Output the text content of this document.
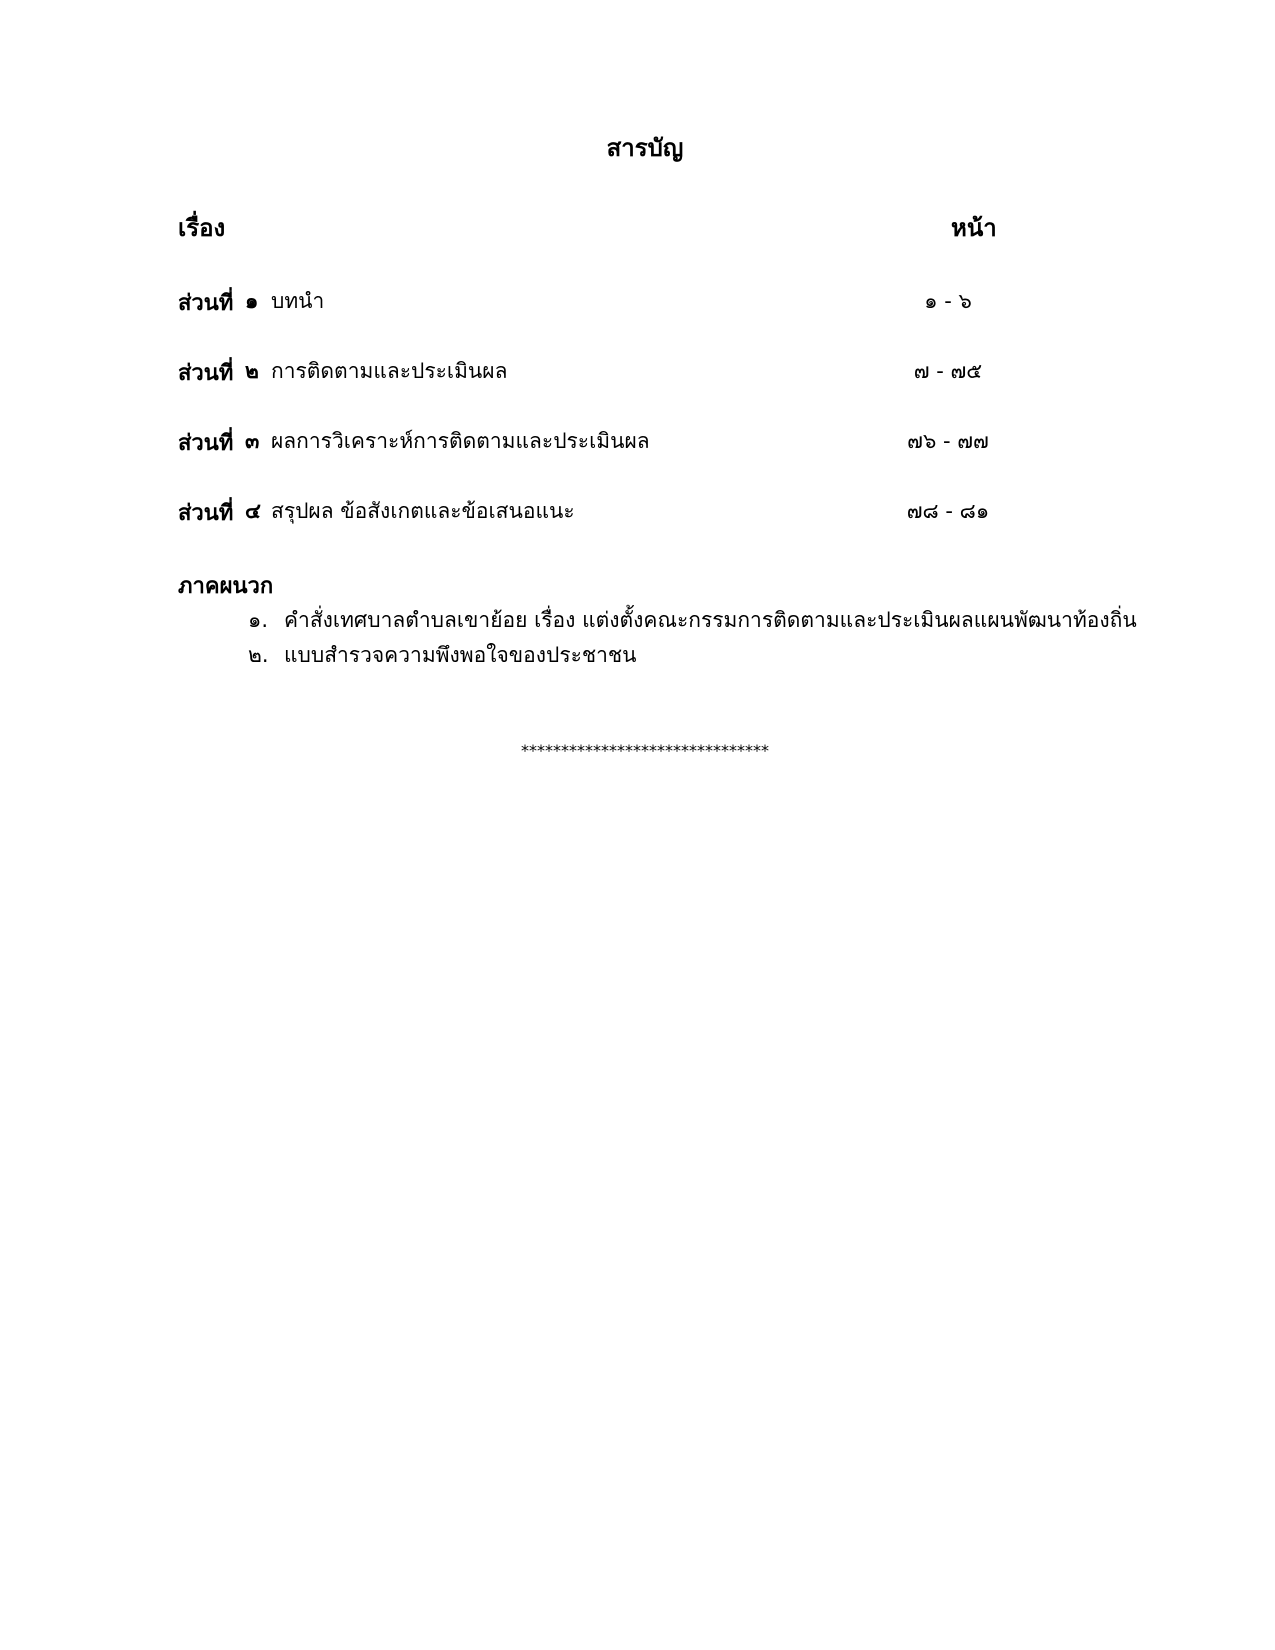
สารบัญ
เรื่อง	หน้า
ส่วนที่ ๑ บทนำ	๑ - ๖
ส่วนที่ ๒ การติดตามและประเมินผล	๗ - ๗๕
ส่วนที่ ๓ ผลการวิเคราะห์การติดตามและประเมินผล	๗๖ - ๗๗
ส่วนที่ ๔ สรุปผล ข้อสังเกตและข้อเสนอแนะ	๗๘ - ๘๑
ภาคผนวก
๑. คำสั่งเทศบาลตำบลเขาย้อย เรื่อง แต่งตั้งคณะกรรมการติดตามและประเมินผลแผนพัฒนาท้องถิ่น
๒. แบบสำรวจความพึงพอใจของประชาชน
*******************************
